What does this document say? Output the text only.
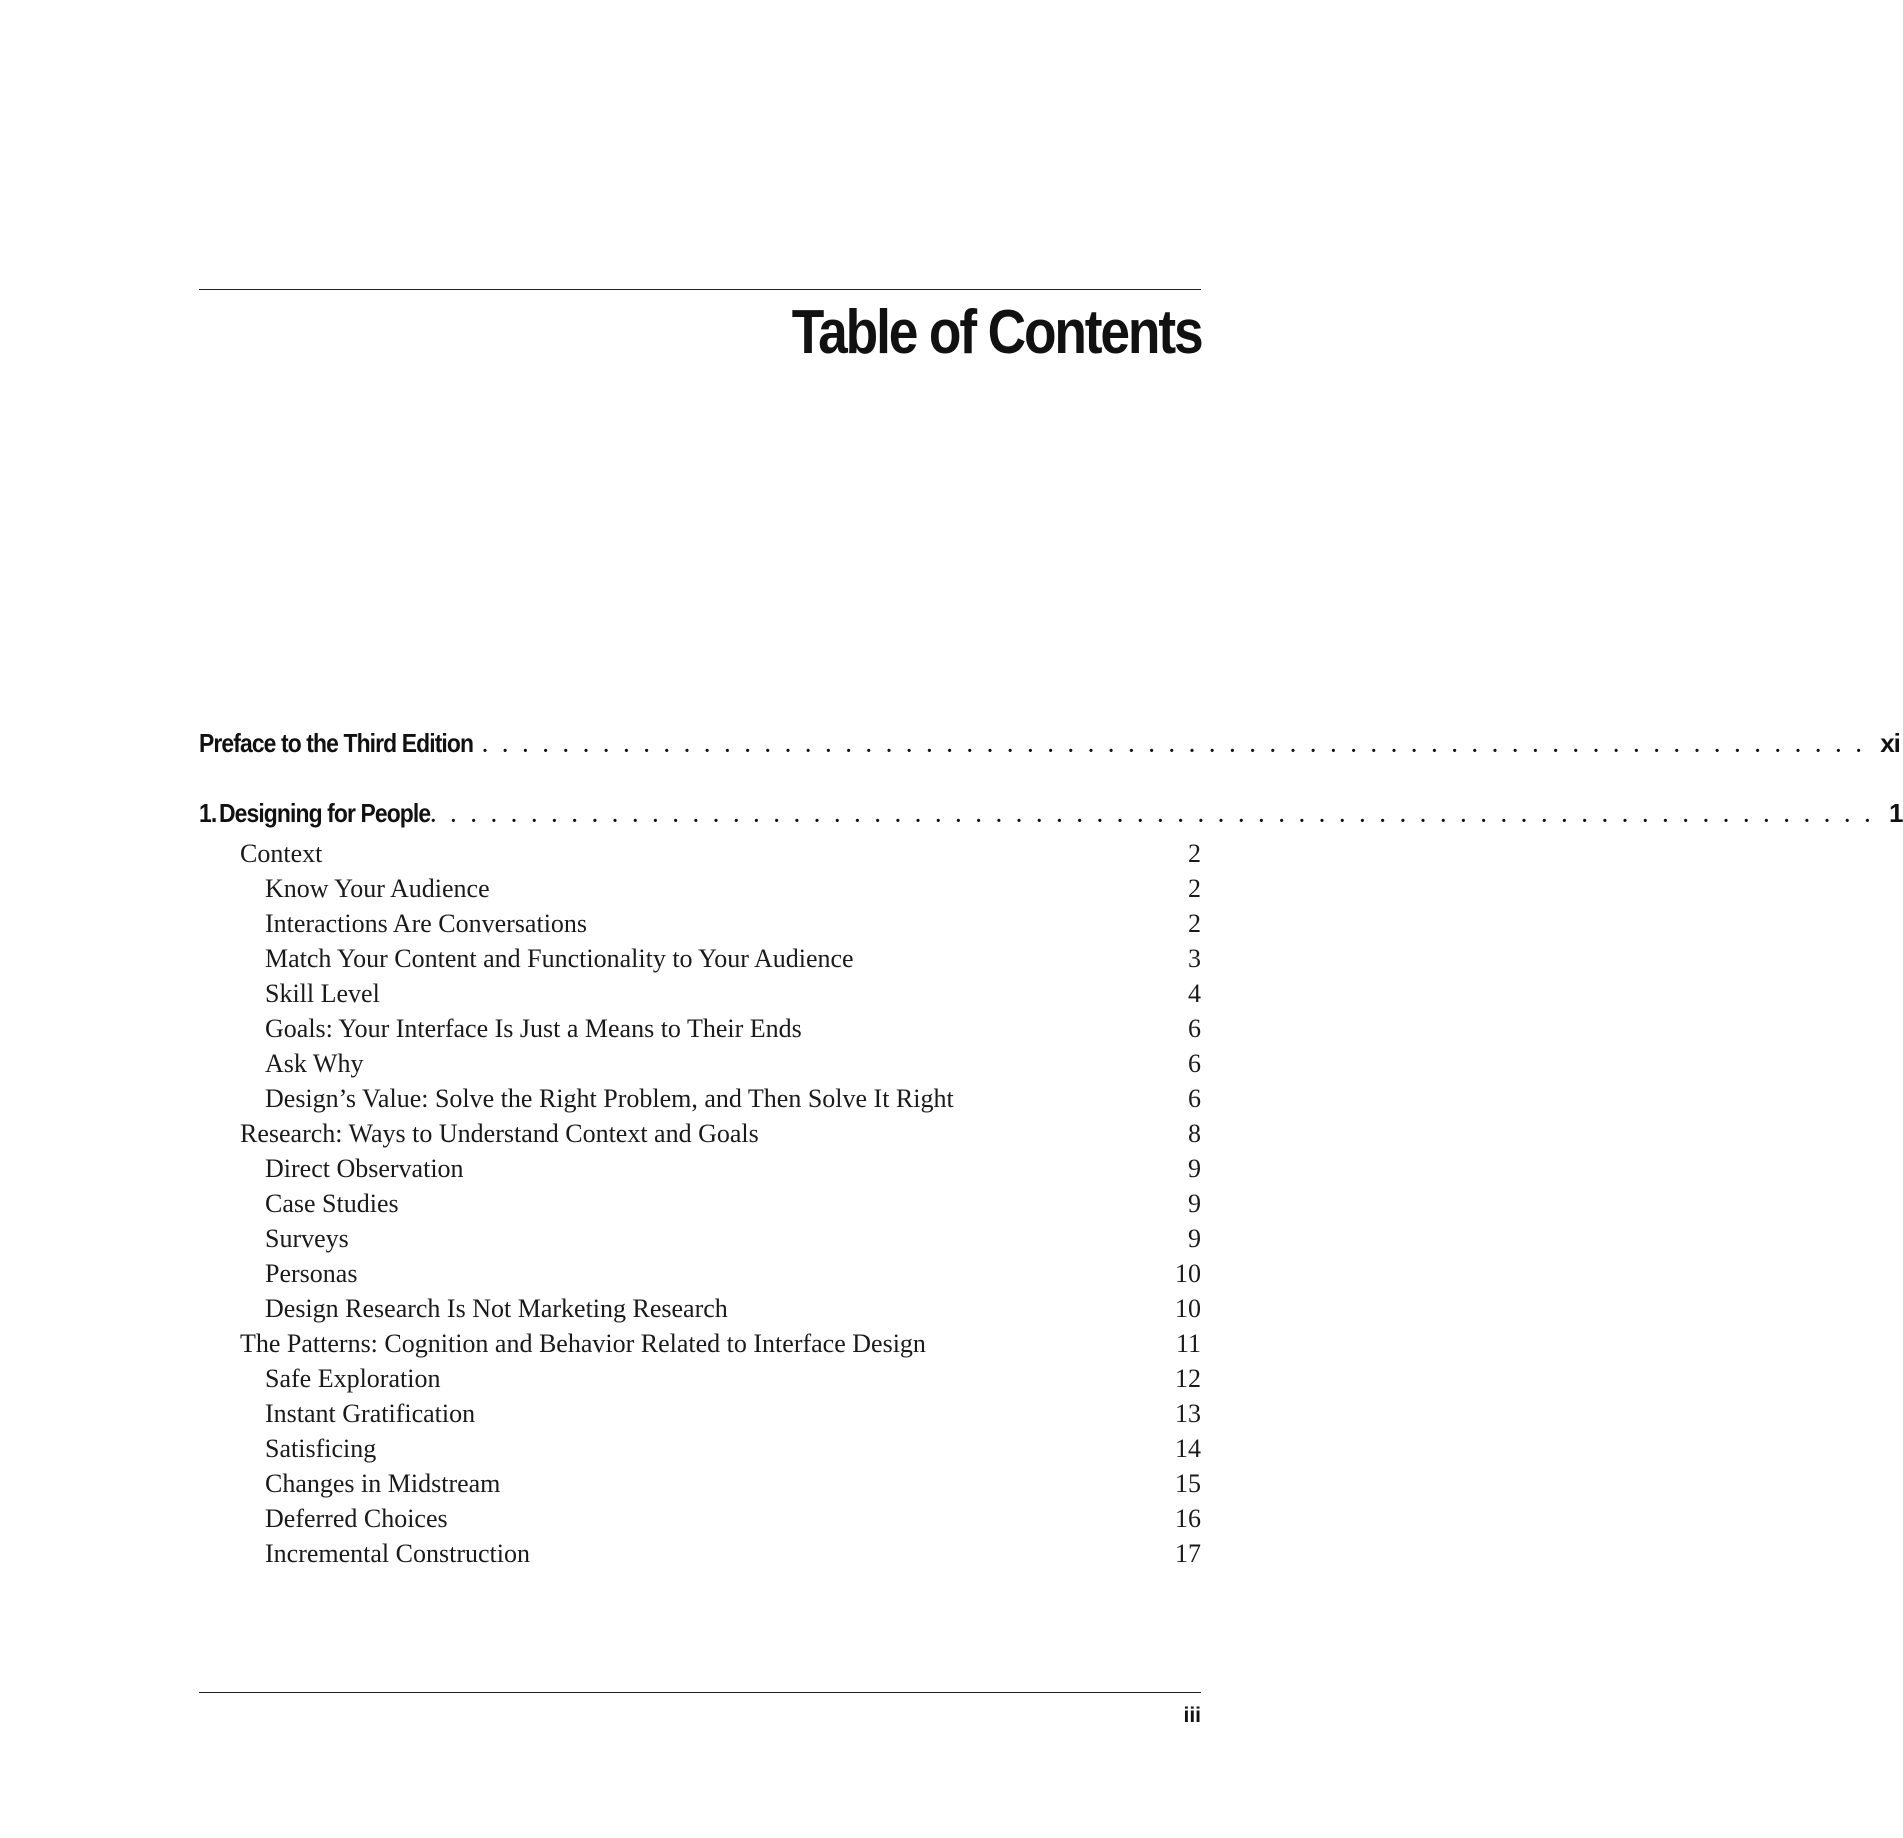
Table of Contents
Preface to the Third Edition . . . . . . . . . . . . . . . . . . . . . . . . . . . . . . . . . . . . . . . . . . . . . . . . . . . . . . . . . . . . . . . . . . . . . xi
1. Designing for People . . . . . . . . . . . . . . . . . . . . . . . . . . . . . . . . . . . . . . . . . . . . . . . . . . . . . . . . . . . . . . . . . . . . . . . . 1
Context	2
Know Your Audience	2
Interactions Are Conversations	2
Match Your Content and Functionality to Your Audience	3
Skill Level	4
Goals: Your Interface Is Just a Means to Their Ends	6
Ask Why	6
Design’s Value: Solve the Right Problem, and Then Solve It Right	6
Research: Ways to Understand Context and Goals	8
Direct Observation	9
Case Studies	9
Surveys	9
Personas	10
Design Research Is Not Marketing Research	10
The Patterns: Cognition and Behavior Related to Interface Design	11
Safe Exploration	12
Instant Gratification	13
Satisficing	14
Changes in Midstream	15
Deferred Choices	16
Incremental Construction	17
iii
